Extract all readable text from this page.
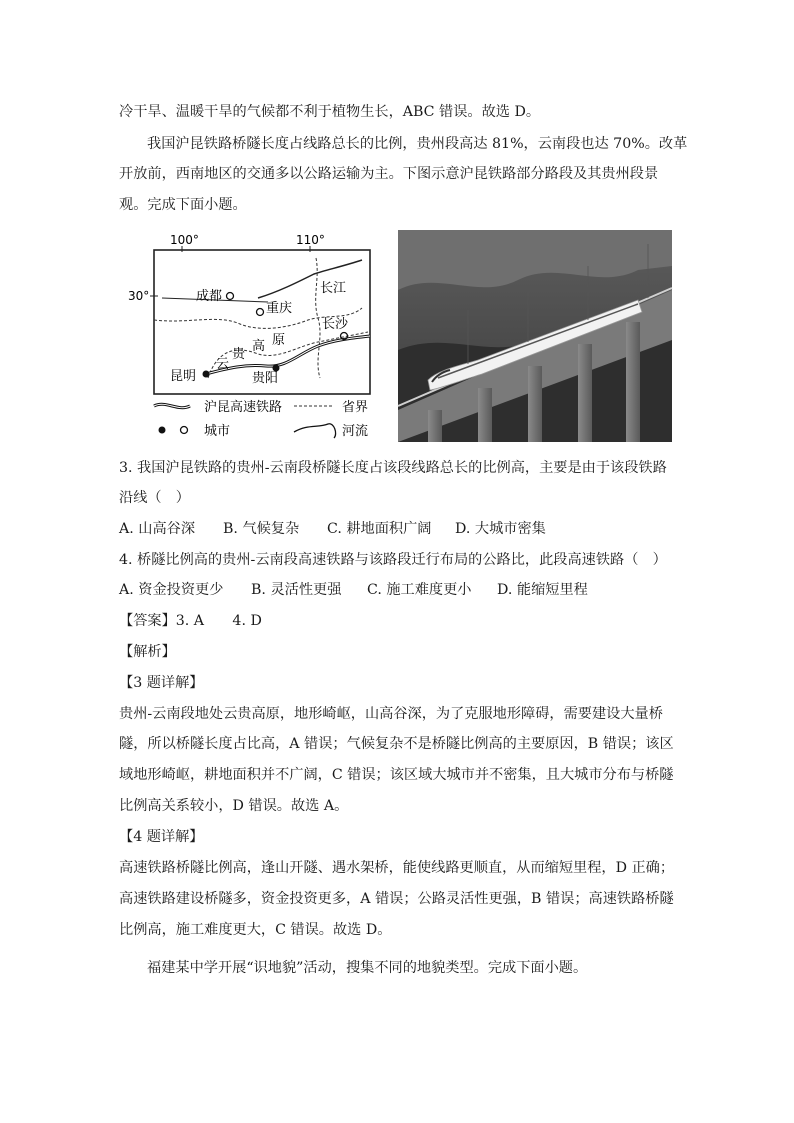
冷干旱、温暖干旱的气候都不利于植物生长，ABC 错误。故选 D。
我国沪昆铁路桥隧长度占线路总长的比例，贵州段高达 81%，云南段也达 70%。改革
开放前，西南地区的交通多以公路运输为主。下图示意沪昆铁路部分路段及其贵州段景
观。完成下面小题。
100°	110°
30°	成都
重庆
长江
长沙
高 原
贵
云
昆明	贵阳
沪昆高速铁路	省界
城市	河流
3. 我国沪昆铁路的贵州-云南段桥隧长度占该段线路总长的比例高，主要是由于该段铁路
沿线（　）
A. 山高谷深 B. 气候复杂 C. 耕地面积广阔 D. 大城市密集
4. 桥隧比例高的贵州-云南段高速铁路与该路段迁行布局的公路比，此段高速铁路（　）
A. 资金投资更少 B. 灵活性更强 C. 施工难度更小 D. 能缩短里程
【答案】3. A　　4. D
【解析】
【3 题详解】
贵州-云南段地处云贵高原，地形崎岖，山高谷深，为了克服地形障碍，需要建设大量桥
隧，所以桥隧长度占比高，A 错误；气候复杂不是桥隧比例高的主要原因，B 错误；该区
域地形崎岖，耕地面积并不广阔，C 错误；该区域大城市并不密集，且大城市分布与桥隧
比例高关系较小，D 错误。故选 A。
【4 题详解】
高速铁路桥隧比例高，逢山开隧、遇水架桥，能使线路更顺直，从而缩短里程，D 正确；
高速铁路建设桥隧多，资金投资更多，A 错误；公路灵活性更强，B 错误；高速铁路桥隧
比例高，施工难度更大，C 错误。故选 D。
福建某中学开展“识地貌”活动，搜集不同的地貌类型。完成下面小题。
